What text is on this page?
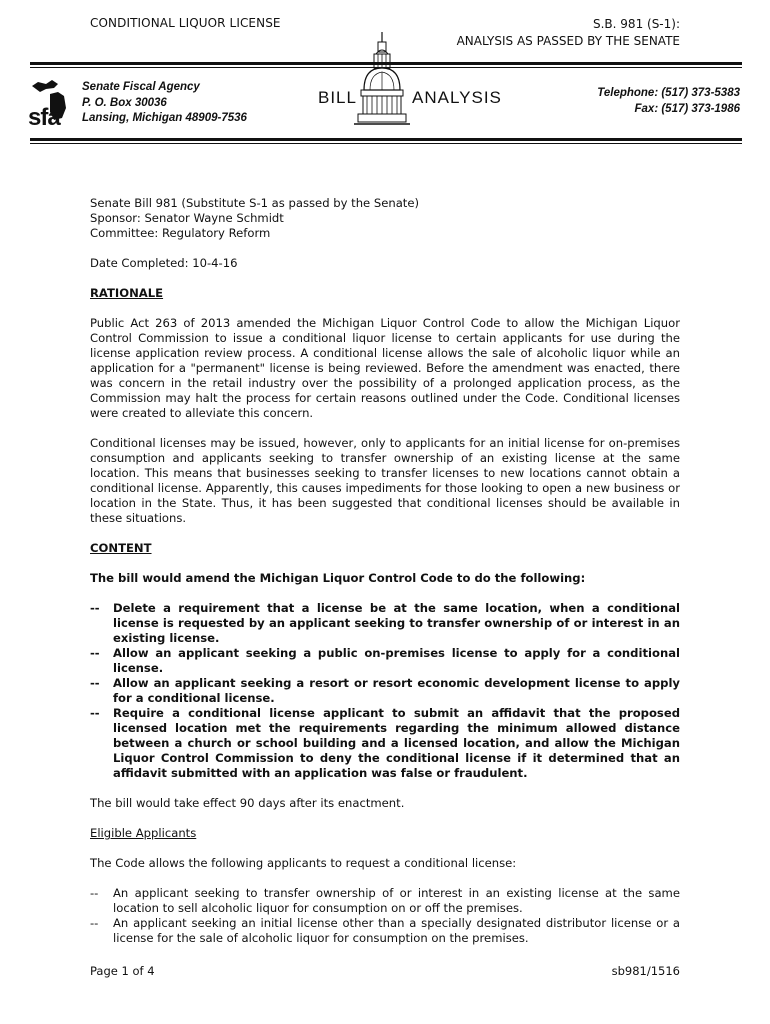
CONDITIONAL LIQUOR LICENSE	S.B. 981 (S-1):
ANALYSIS AS PASSED BY THE SENATE
sfa
Senate Fiscal Agency
P. O. Box 30036
Lansing, Michigan 48909-7536
BILL	ANALYSIS	Telephone: (517) 373-5383
Fax: (517) 373-1986

Senate Bill 981 (Substitute S-1 as passed by the Senate)

Sponsor: Senator Wayne Schmidt

Committee: Regulatory Reform

Date Completed: 10-4-16

RATIONALE

Public Act 263 of 2013 amended the Michigan Liquor Control Code to allow the Michigan Liquor Control Commission to issue a conditional liquor license to certain applicants for use during the license application review process. A conditional license allows the sale of alcoholic liquor while an application for a "permanent" license is being reviewed. Before the amendment was enacted, there was concern in the retail industry over the possibility of a prolonged application process, as the Commission may halt the process for certain reasons outlined under the Code. Conditional licenses were created to alleviate this concern.

Conditional licenses may be issued, however, only to applicants for an initial license for on-premises consumption and applicants seeking to transfer ownership of an existing license at the same location. This means that businesses seeking to transfer licenses to new locations cannot obtain a conditional license. Apparently, this causes impediments for those looking to open a new business or location in the State. Thus, it has been suggested that conditional licenses should be available in these situations.

CONTENT

The bill would amend the Michigan Liquor Control Code to do the following:

-- Delete a requirement that a license be at the same location, when a conditional license is requested by an applicant seeking to transfer ownership of or interest in an existing license.
-- Allow an applicant seeking a public on-premises license to apply for a conditional license.
-- Allow an applicant seeking a resort or resort economic development license to apply for a conditional license.
-- Require a conditional license applicant to submit an affidavit that the proposed licensed location met the requirements regarding the minimum allowed distance between a church or school building and a licensed location, and allow the Michigan Liquor Control Commission to deny the conditional license if it determined that an affidavit submitted with an application was false or fraudulent.

The bill would take effect 90 days after its enactment.

Eligible Applicants

The Code allows the following applicants to request a conditional license:

-- An applicant seeking to transfer ownership of or interest in an existing license at the same location to sell alcoholic liquor for consumption on or off the premises.
-- An applicant seeking an initial license other than a specially designated distributor license or a license for the sale of alcoholic liquor for consumption on the premises.
Page 1 of 4	sb981/1516
